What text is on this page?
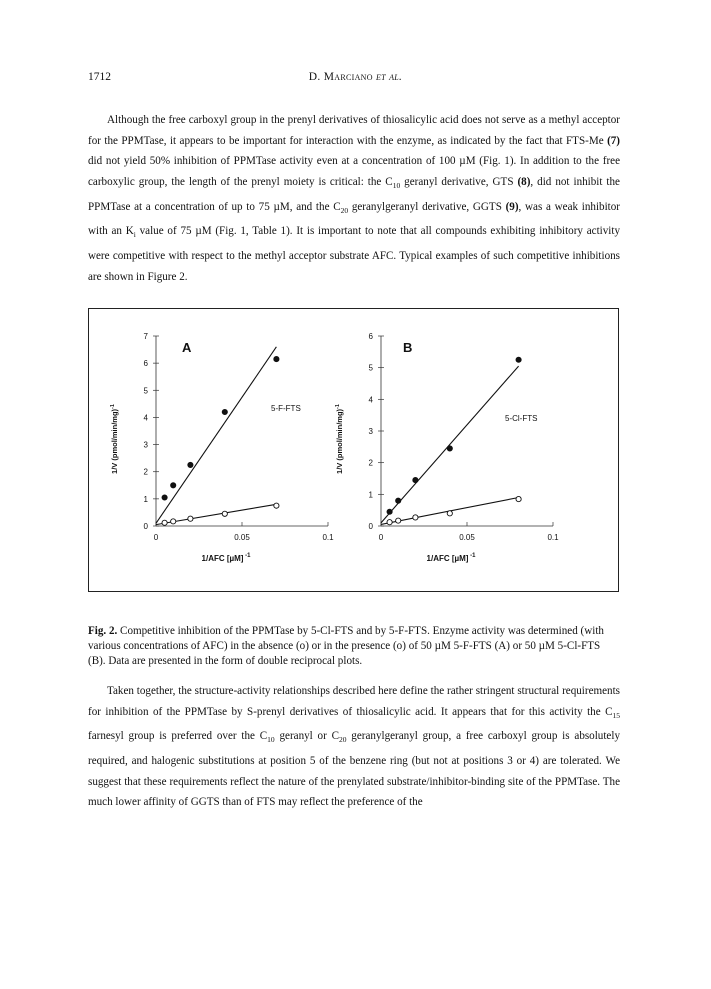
1712	D. Marciano et al.

Although the free carboxyl group in the prenyl derivatives of thiosalicylic acid does not serve as a methyl acceptor for the PPMTase, it appears to be important for interaction with the enzyme, as indicated by the fact that FTS-Me (7) did not yield 50% inhibition of PPMTase activity even at a concentration of 100 µM (Fig. 1). In addition to the free carboxylic group, the length of the prenyl moiety is critical: the $C_{10}$ geranyl derivative, GTS (8), did not inhibit the PPMTase at a concentration of up to 75 µM, and the $C_{20}$ geranylgeranyl derivative, GGTS (9), was a weak inhibitor with an $K_i$ value of 75 µM (Fig. 1, Table 1). It is important to note that all compounds exhibiting inhibitory activity were competitive with respect to the methyl acceptor substrate AFC. Typical examples of such competitive inhibitions are shown in Figure 2.

0
1
2
3
4
5
6
7
0	0.05	0.1
1/AFC [µM] $^{-1}$
1/V (pmol/min/mg)$^{-1}$
A
5-F-FTS
0
1
2
3
4
5
6
0	0.05	0.1
1/AFC [µM] $^{-1}$
1/V (pmol/min/mg)$^{-1}$
B
5-Cl-FTS

Fig. 2. Competitive inhibition of the PPMTase by 5-Cl-FTS and by 5-F-FTS. Enzyme activity was determined (with various concentrations of AFC) in the absence (o) or in the presence (o) of 50 µM 5-F-FTS (A) or 50 µM 5-Cl-FTS (B). Data are presented in the form of double reciprocal plots.

Taken together, the structure-activity relationships described here define the rather stringent structural requirements for inhibition of the PPMTase by S-prenyl derivatives of thiosalicylic acid. It appears that for this activity the $C_{15}$ farnesyl group is preferred over the $C_{10}$ geranyl or $C_{20}$ geranylgeranyl group, a free carboxyl group is absolutely required, and halogenic substitutions at position 5 of the benzene ring (but not at positions 3 or 4) are tolerated. We suggest that these requirements reflect the nature of the prenylated substrate/inhibitor-binding site of the PPMTase. The much lower affinity of GGTS than of FTS may reflect the preference of the
